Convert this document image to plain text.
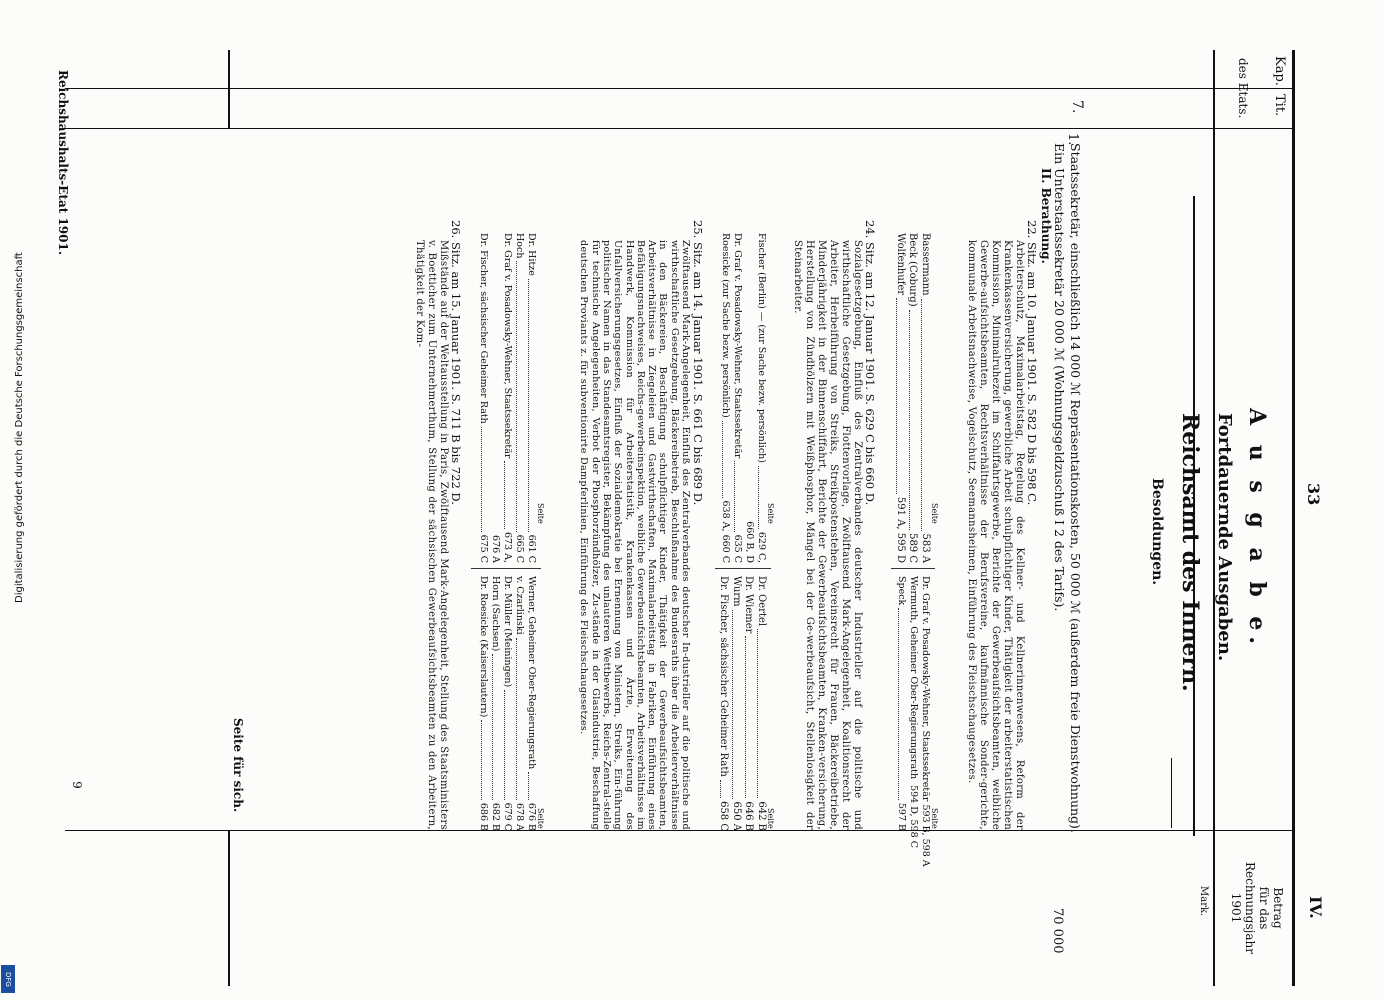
33
IV.
Kap.
Tit.
des Etats.
Betrag
für das
Rechnungsjahr
1901
Mark.
A u s g a b e.
Fortdauernde Ausgaben.
Reichsamt des Innern.
7.
Besoldungen.
1.
Staatssekretär, einschließlich 14 000 ℳ Repräsentationskosten, 50 000 ℳ (außerdem freie Dienstwohnung).
Ein Unterstaatssekretär 20 000 ℳ (Wohnungsgeldzuschuß I 2 des Tarifs).
70 000
II. Berathung.
22. Sitz. am 10. Januar 1901. S. 582 D bis 598 C.
Arbeiterschutz, Maximalarbeitstag, Regelung des Kellner- und Kellnerinnenwesens, Reform der Krankenkassenversicherung, gewerbliche Arbeit schulpflichtiger Kinder, Thätigkeit der arbeiterstatistischen Kommission, Minimalruhezeit im Schiffahrtsgewerbe, Berichte der Gewerbeaufsichtsbeamten, weibliche Gewerbe-aufsichtsbeamten, Rechtsverhältnisse der Berufsvereine, kaufmännische Sonder-gerichte, kommunale Arbeitsnachweise, Vogelschutz, Seemannsheimen, Einführung des Fleischschaugesetzes.
Seite
Bassermann
583 A
Beck (Coburg)
589 C
Wolfenhufer
591 A, 595 D
Seite
Dr. Graf v. Posadowsky-Wehner, Staatssekretär 593 B, 598 A
Wermuth, Geheimer Ober-Regierungsrath
594 D, 598 C
Speck
597 B
24. Sitz. am 12. Januar 1901. S. 629 C bis 660 D.
Sozialgesetzgebung, Einfluß des Zentralverbandes deutscher Industrieller auf die politische und wirthschaftliche Gesetzgebung, Flottenvorlage, Zwölftausend Mark-Angelegenheit, Koalitionsrecht der Arbeiter, Herbeiführung von Streiks, Streikpostenstehen, Vereinsrecht für Frauen, Bäckereibetriebe, Minderjährigkeit in der Binnenschiffahrt, Berichte der Gewerbeaufsichtsbeamten, Kranken-versicherung, Herstellung von Zündhölzern mit Weißphosphor, Mängel bei der Ge-werbeaufsicht, Stellenlosigkeit der Steinarbeiter.
Seite
Fischer (Berlin) — (zur Sache bezw. persönlich)
629 C,
660 B, D
Dr. Graf v. Posadowsky-Wehner, Staatssekretär
635 C
Roesicke (zur Sache bezw. persönlich)
638 A, 660 C
Seite
Dr. Oertel
642 B
Dr. Wiemer
646 B
Wurm
650 A
Dr. Fischer, sächsischer Geheimer Rath
658 C
25. Sitz. am 14. Januar 1901. S. 661 C bis 689 D.
Zwölftausend Mark-Angelegenheit, Einfluß des Zentralverbandes deutscher In-dustrieller auf die politische und wirthschaftliche Gesetzgebung, Bäckereibetrieb, Beschlußnahme des Bundesraths über die Arbeiterverhältnisse in den Bäckereien, Beschäftigung schulpflichtiger Kinder, Thätigkeit der Gewerbeaufsichtsbeamten, Arbeitsverhältnisse in Ziegeleien und Gastwirthschaften, Maximalarbeitstag in Fabriken, Einführung eines Befähigungsnachweises, Reichs-gewerbeinspektion, weibliche Gewerbeaufsichtsbeamten, Arbeitsverhältnisse im Handwerk, Kommission für Arbeiterstatistik, Krankenkassen und Ärzte, Erweiterung des Unfallversicherungsgesetzes, Einfluß der Sozialdemokratie bei Ernennung von Ministern, Streiks, Ein-führung politischer Namen in das Standesamtsregister, Bekämpfung des unlauteren Wettbewerbs, Reichs-Zentral-stelle für technische Angelegenheiten, Verbot der Phosphorzündhölzer, Zu-stände in der Glasindustrie, Beschaffung deutschen Proviants z. für subventionirte Dampferlinien, Einführung des Fleischschaugesetzes.
Seite
Dr. Hitze
661 C
Hoch
665 C
Dr. Graf v. Posadowsky-Wehner, Staatssekretär
673 A,
676 A
Dr. Fischer, sächsischer Geheimer Rath
675 C
Seite
Werner, Geheimer Ober-Regierungsrath
676 B
v. Czarlinski
678 A
Dr. Müller (Meiningen)
679 C
Horn (Sachsen)
682 B
Dr. Roesicke (Kaiserslautern)
686 B
26. Sitz. am 15. Januar 1901. S. 711 B bis 722 D.
Mißstände auf der Weltausstellung in Paris, Zwölftausend Mark-Angelegenheit, Stellung des Staatsministers v. Boetticher zum Unternehmerthum, Stellung der sächsischen Gewerbeaufsichtsbeamten zu den Arbeitern, Thätigkeit der Kom-
Seite für sich.
Reichshaushalts-Etat 1901.
9
Digitalisierung gefördert durch die Deutsche Forschungsgemeinschaft
DFG
